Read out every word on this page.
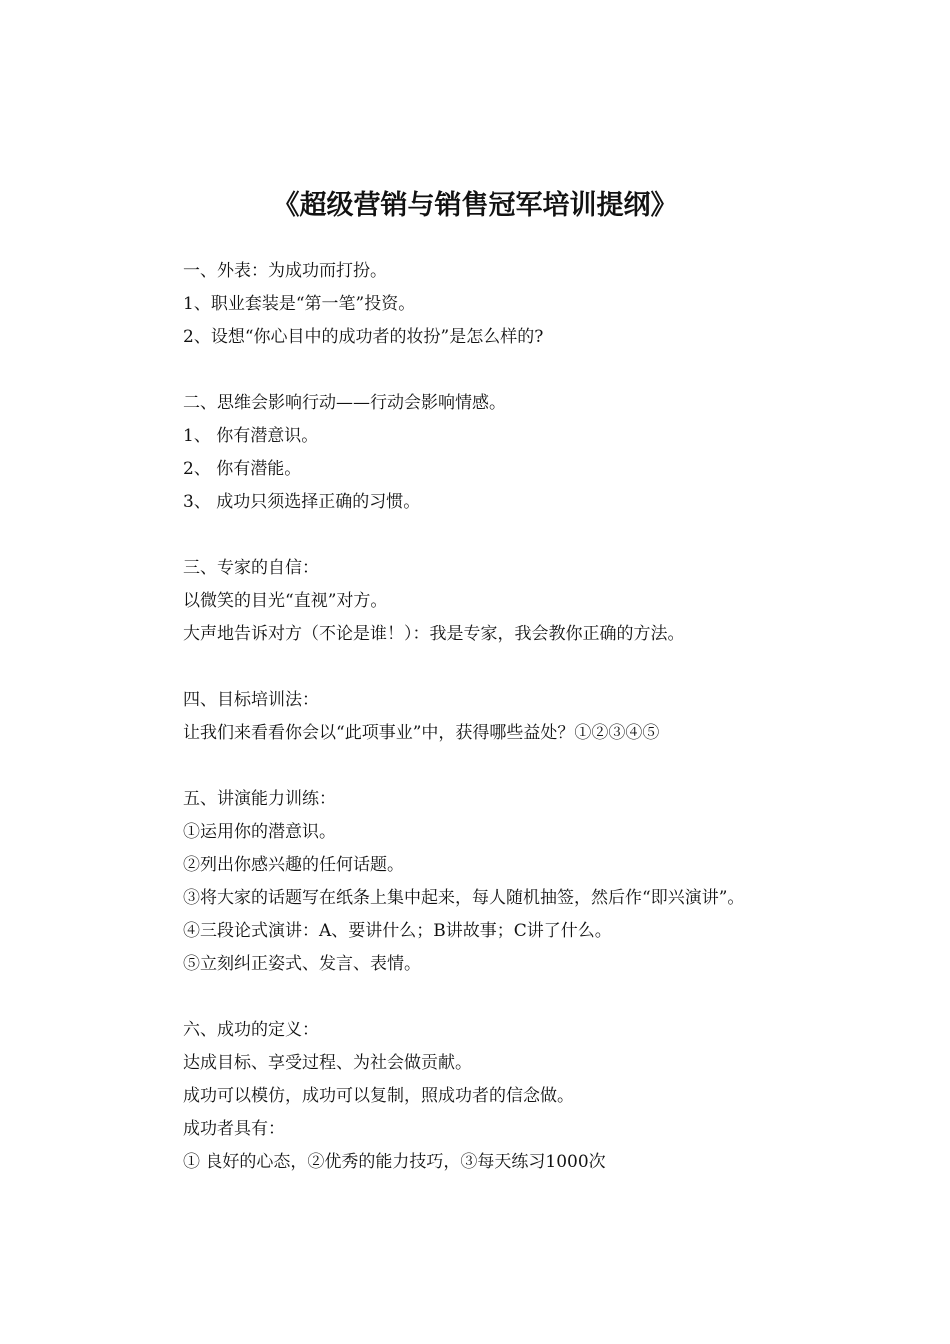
《超级营销与销售冠军培训提纲》
一、外表：为成功而打扮。
1、职业套装是“第一笔”投资。
2、设想“你心目中的成功者的妆扮”是怎么样的?
二、思维会影响行动——行动会影响情感。
1、 你有潜意识。
2、 你有潜能。
3、 成功只须选择正确的习惯。
三、专家的自信：
以微笑的目光“直视”对方。
大声地告诉对方（不论是谁！）：我是专家，我会教你正确的方法。
四、目标培训法：
让我们来看看你会以“此项事业”中，获得哪些益处？①②③④⑤
五、讲演能力训练：
①运用你的潜意识。
②列出你感兴趣的任何话题。
③将大家的话题写在纸条上集中起来，每人随机抽签，然后作“即兴演讲”。
④三段论式演讲：A、要讲什么；B讲故事；C讲了什么。
⑤立刻纠正姿式、发言、表情。
六、成功的定义：
达成目标、享受过程、为社会做贡献。
成功可以模仿，成功可以复制，照成功者的信念做。
成功者具有：
① 良好的心态，②优秀的能力技巧，③每天练习1000次
